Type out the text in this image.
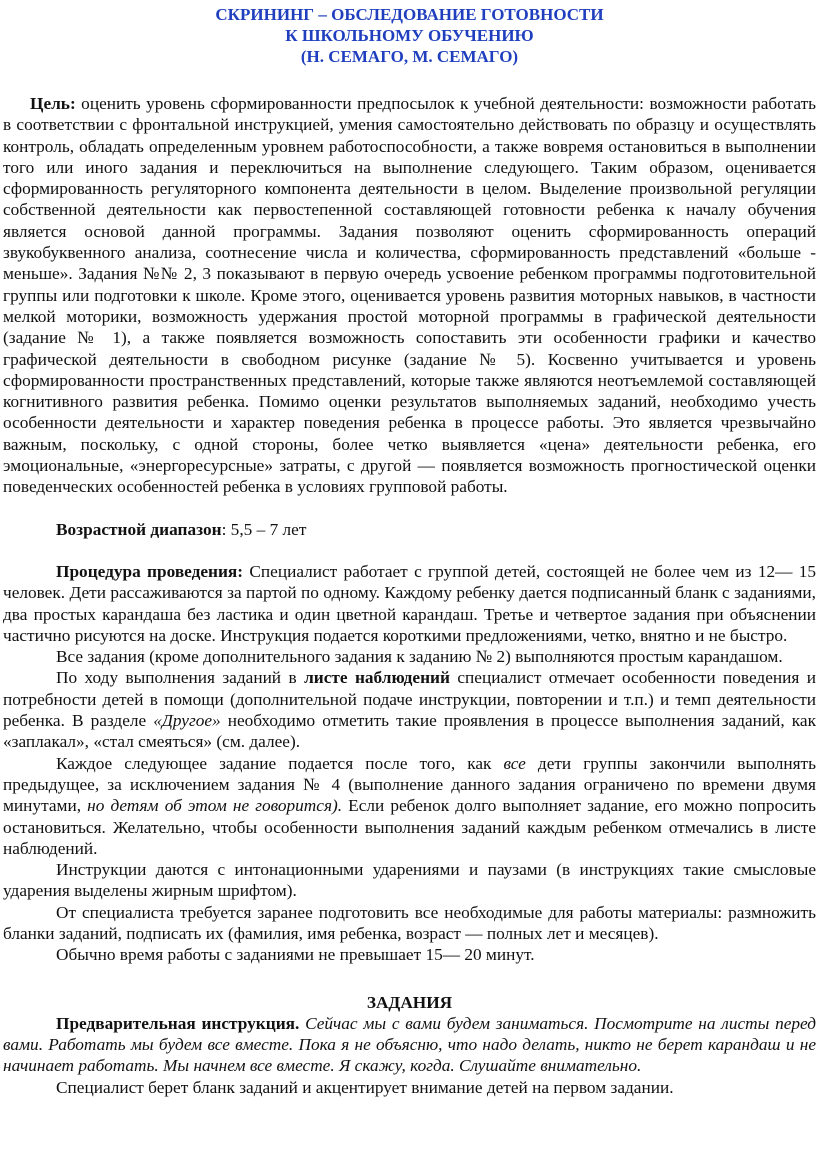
СКРИНИНГ – ОБСЛЕДОВАНИЕ ГОТОВНОСТИ
К ШКОЛЬНОМУ ОБУЧЕНИЮ
(Н. СЕМАГО, М. СЕМАГО)

Цель: оценить уровень сформированности предпосылок к учебной деятельности: возможности работать в соответствии с фронтальной инструкцией, умения самостоятельно действовать по образцу и осуществлять контроль, обладать определенным уровнем работоспособности, а также вовремя остановиться в выполнении того или иного задания и переключиться на выполнение следующего. Таким образом, оценивается сформированность регуляторного компонента деятельности в целом. Выделение произвольной регуляции собственной деятельности как первостепенной составляющей готовности ребенка к началу обучения является основой данной программы. Задания позволяют оценить сформированность операций звукобуквенного анализа, соотнесение числа и количества, сформированность представлений «больше - меньше». Задания №№ 2, 3 показывают в первую очередь усвоение ребенком программы подготовительной группы или подготовки к школе. Кроме этого, оценивается уровень развития моторных навыков, в частности мелкой моторики, возможность удержания простой моторной программы в графической деятельности (задание № 1), а также появляется возможность сопоставить эти особенности графики и качество графической деятельности в свободном рисунке (задание № 5). Косвенно учитывается и уровень сформированности пространственных представлений, которые также являются неотъемлемой составляющей когнитивного развития ребенка. Помимо оценки результатов выполняемых заданий, необходимо учесть особенности деятельности и характер поведения ребенка в процессе работы. Это является чрезвычайно важным, поскольку, с одной стороны, более четко выявляется «цена» деятельности ребенка, его эмоциональные, «энергоресурсные» затраты, с другой — появляется возможность прогностической оценки поведенческих особенностей ребенка в условиях групповой работы.

Возрастной диапазон: 5,5 – 7 лет

Процедура проведения: Специалист работает с группой детей, состоящей не более чем из 12— 15 человек. Дети рассаживаются за партой по одному. Каждому ребенку дается подписанный бланк с заданиями, два простых карандаша без ластика и один цветной карандаш. Третье и четвертое задания при объяснении частично рисуются на доске. Инструкция подается короткими предложениями, четко, внятно и не быстро.

Все задания (кроме дополнительного задания к заданию № 2) выполняются простым карандашом.

По ходу выполнения заданий в листе наблюдений специалист отмечает особенности поведения и потребности детей в помощи (дополнительной подаче инструкции, повторении и т.п.) и темп деятельности ребенка. В разделе «Другое» необходимо отметить такие проявления в процессе выполнения заданий, как «заплакал», «стал смеяться» (см. далее).

Каждое следующее задание подается после того, как все дети группы закончили выполнять предыдущее, за исключением задания № 4 (выполнение данного задания ограничено по времени двумя минутами, но детям об этом не говорится). Если ребенок долго выполняет задание, его можно попросить остановиться. Желательно, чтобы особенности выполнения заданий каждым ребенком отмечались в листе наблюдений.

Инструкции даются с интонационными ударениями и паузами (в инструкциях такие смысловые ударения выделены жирным шрифтом).

От специалиста требуется заранее подготовить все необходимые для работы материалы: размножить бланки заданий, подписать их (фамилия, имя ребенка, возраст — полных лет и месяцев).

Обычно время работы с заданиями не превышает 15— 20 минут.

ЗАДАНИЯ

Предварительная инструкция. Сейчас мы с вами будем заниматься. Посмотрите на листы перед вами. Работать мы будем все вместе. Пока я не объясню, что надо делать, никто не берет карандаш и не начинает работать. Мы начнем все вместе. Я скажу, когда. Слушайте внимательно.

Специалист берет бланк заданий и акцентирует внимание детей на первом задании.
